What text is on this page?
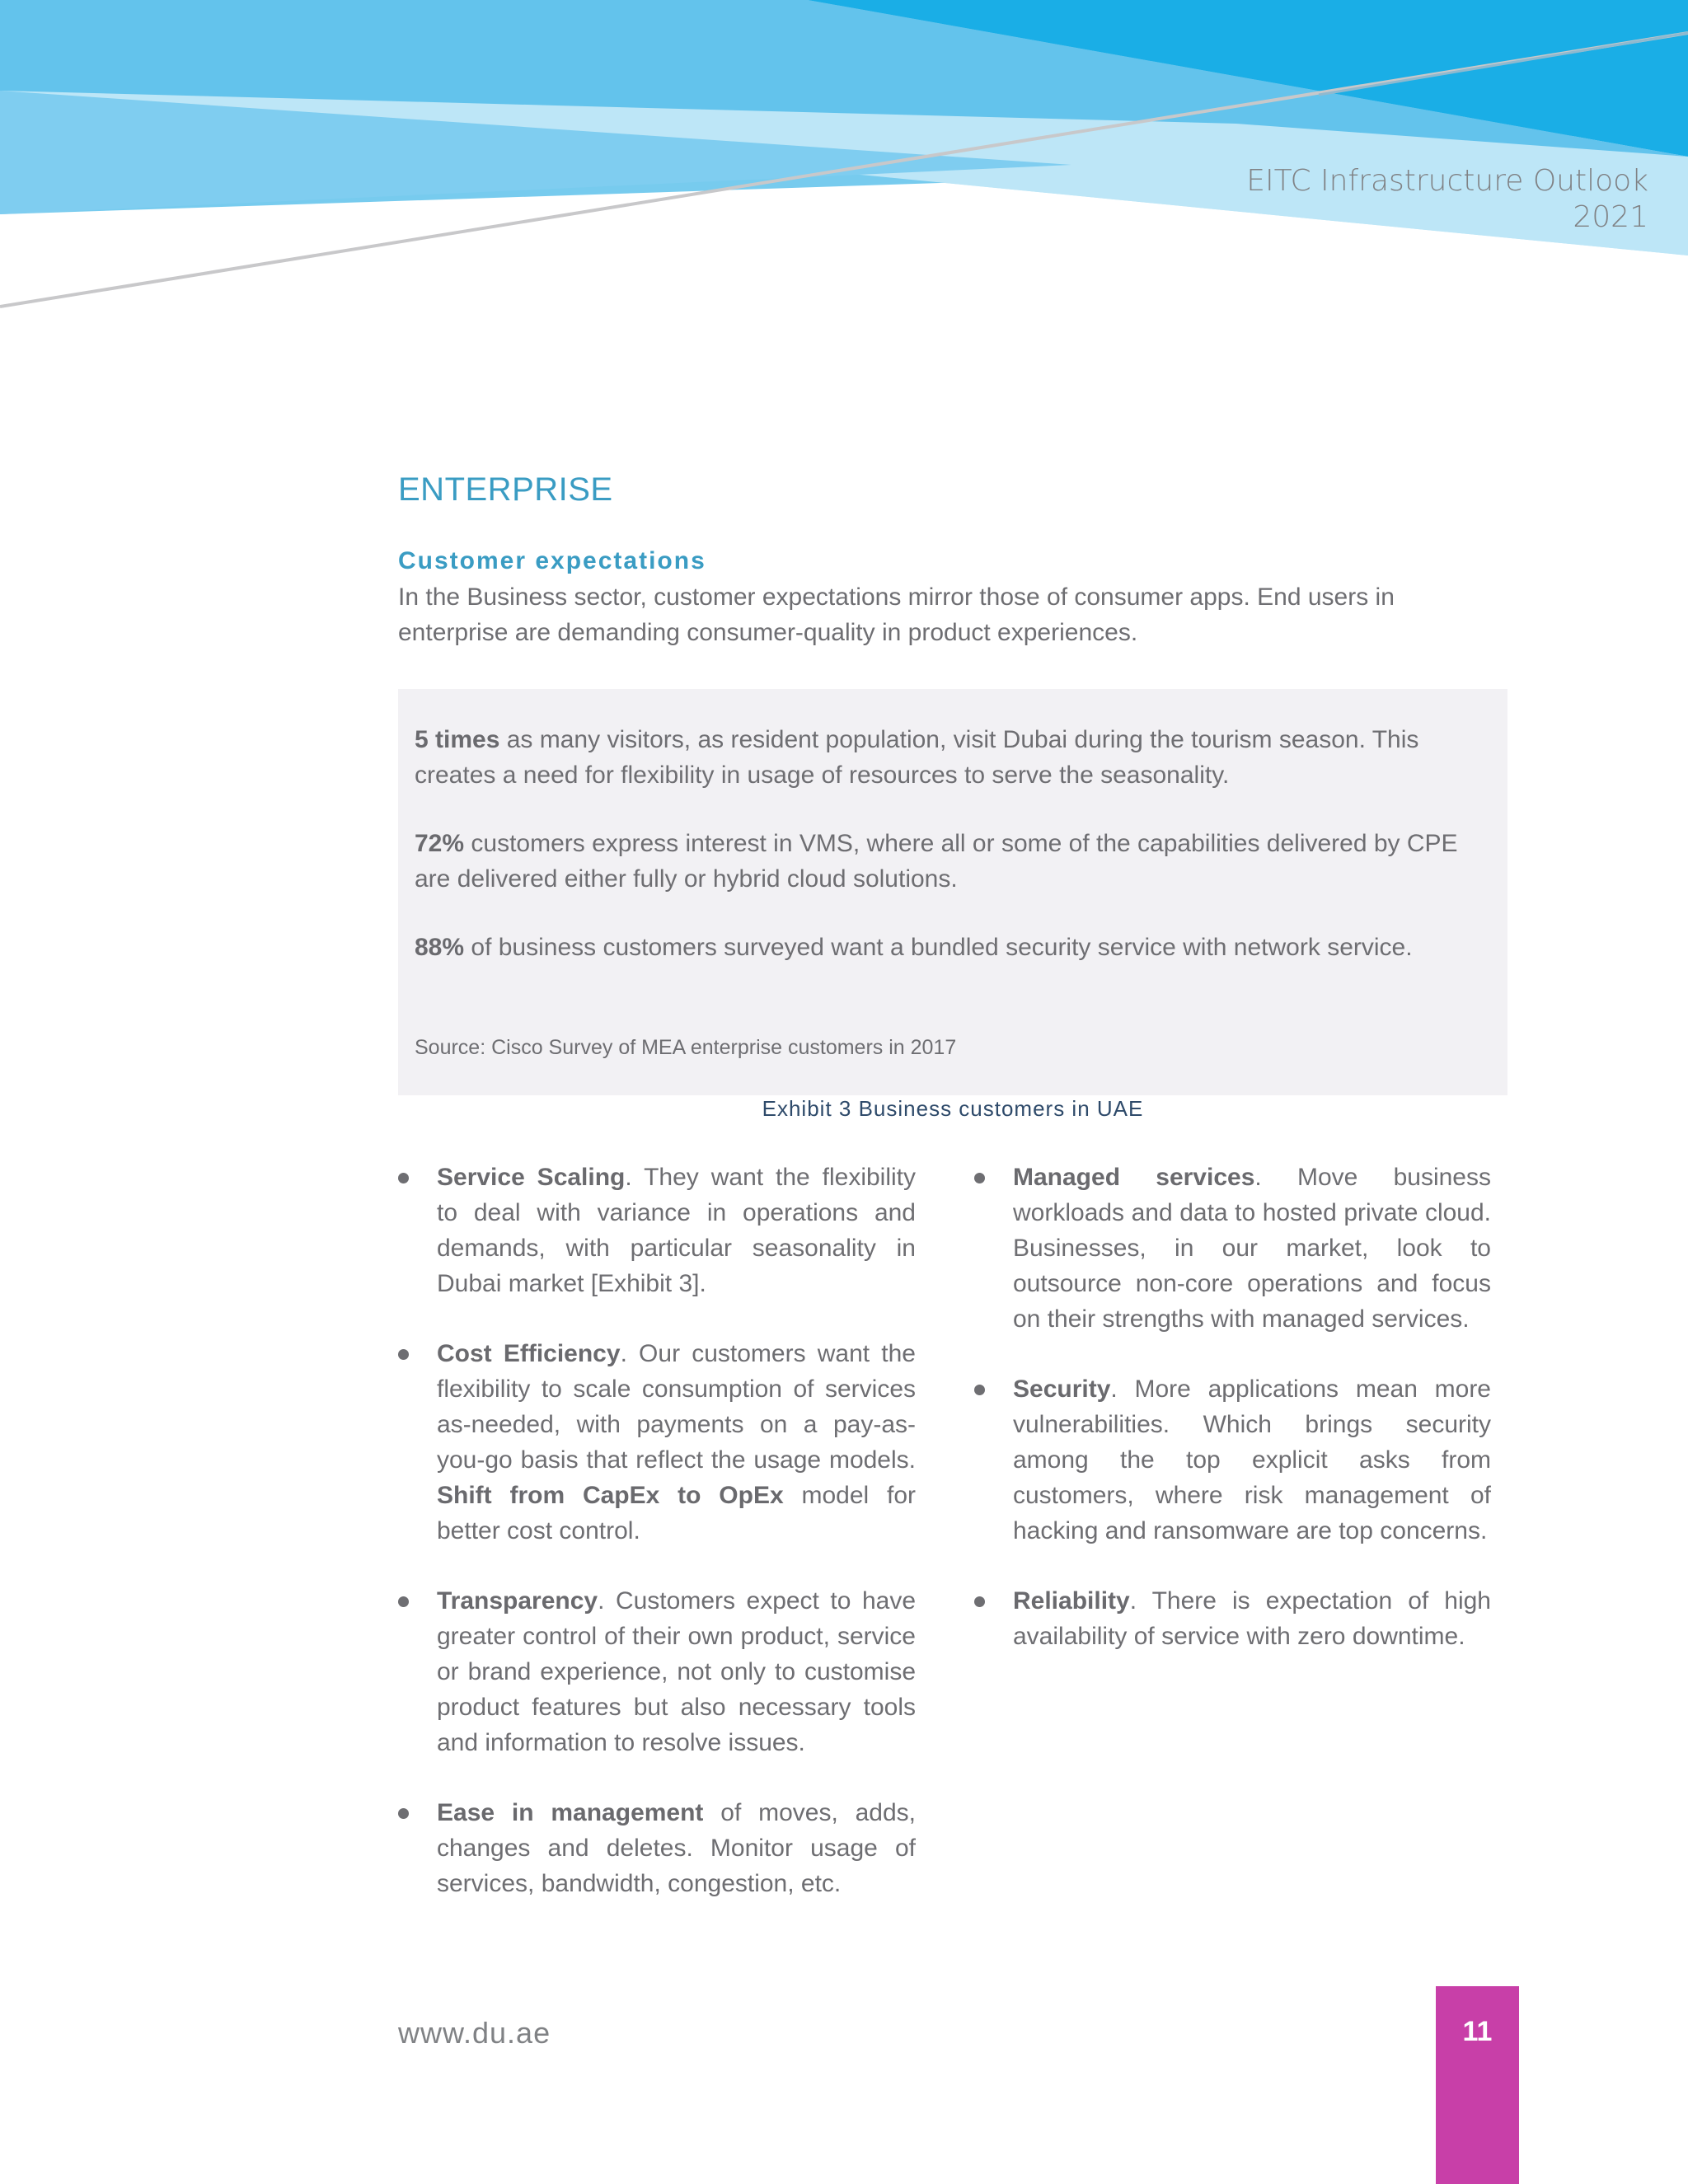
EITC Infrastructure Outlook
2021
ENTERPRISE
Customer expectations

In the Business sector, customer expectations mirror those of consumer apps. End users in enterprise are demanding consumer-quality in product experiences.

5 times as many visitors, as resident population, visit Dubai during the tourism season. This creates a need for flexibility in usage of resources to serve the seasonality.

72% customers express interest in VMS, where all or some of the capabilities delivered by CPE are delivered either fully or hybrid cloud solutions.

88% of business customers surveyed want a bundled security service with network service.

Source: Cisco Survey of MEA enterprise customers in 2017

Exhibit 3 Business customers in UAE

Service Scaling. They want the flexibility to deal with variance in operations and demands, with particular seasonality in Dubai market [Exhibit 3].

Cost Efficiency. Our customers want the flexibility to scale consumption of services as-needed, with payments on a pay-as-you-go basis that reflect the usage models. Shift from CapEx to OpEx model for better cost control.

Transparency. Customers expect to have greater control of their own product, service or brand experience, not only to customise product features but also necessary tools and information to resolve issues.

Ease in management of moves, adds, changes and deletes. Monitor usage of services, bandwidth, congestion, etc.

Managed services. Move business workloads and data to hosted private cloud. Businesses, in our market, look to outsource non-core operations and focus on their strengths with managed services.

Security. More applications mean more vulnerabilities. Which brings security among the top explicit asks from customers, where risk management of hacking and ransomware are top concerns.

Reliability. There is expectation of high availability of service with zero downtime.

www.du.ae	11
